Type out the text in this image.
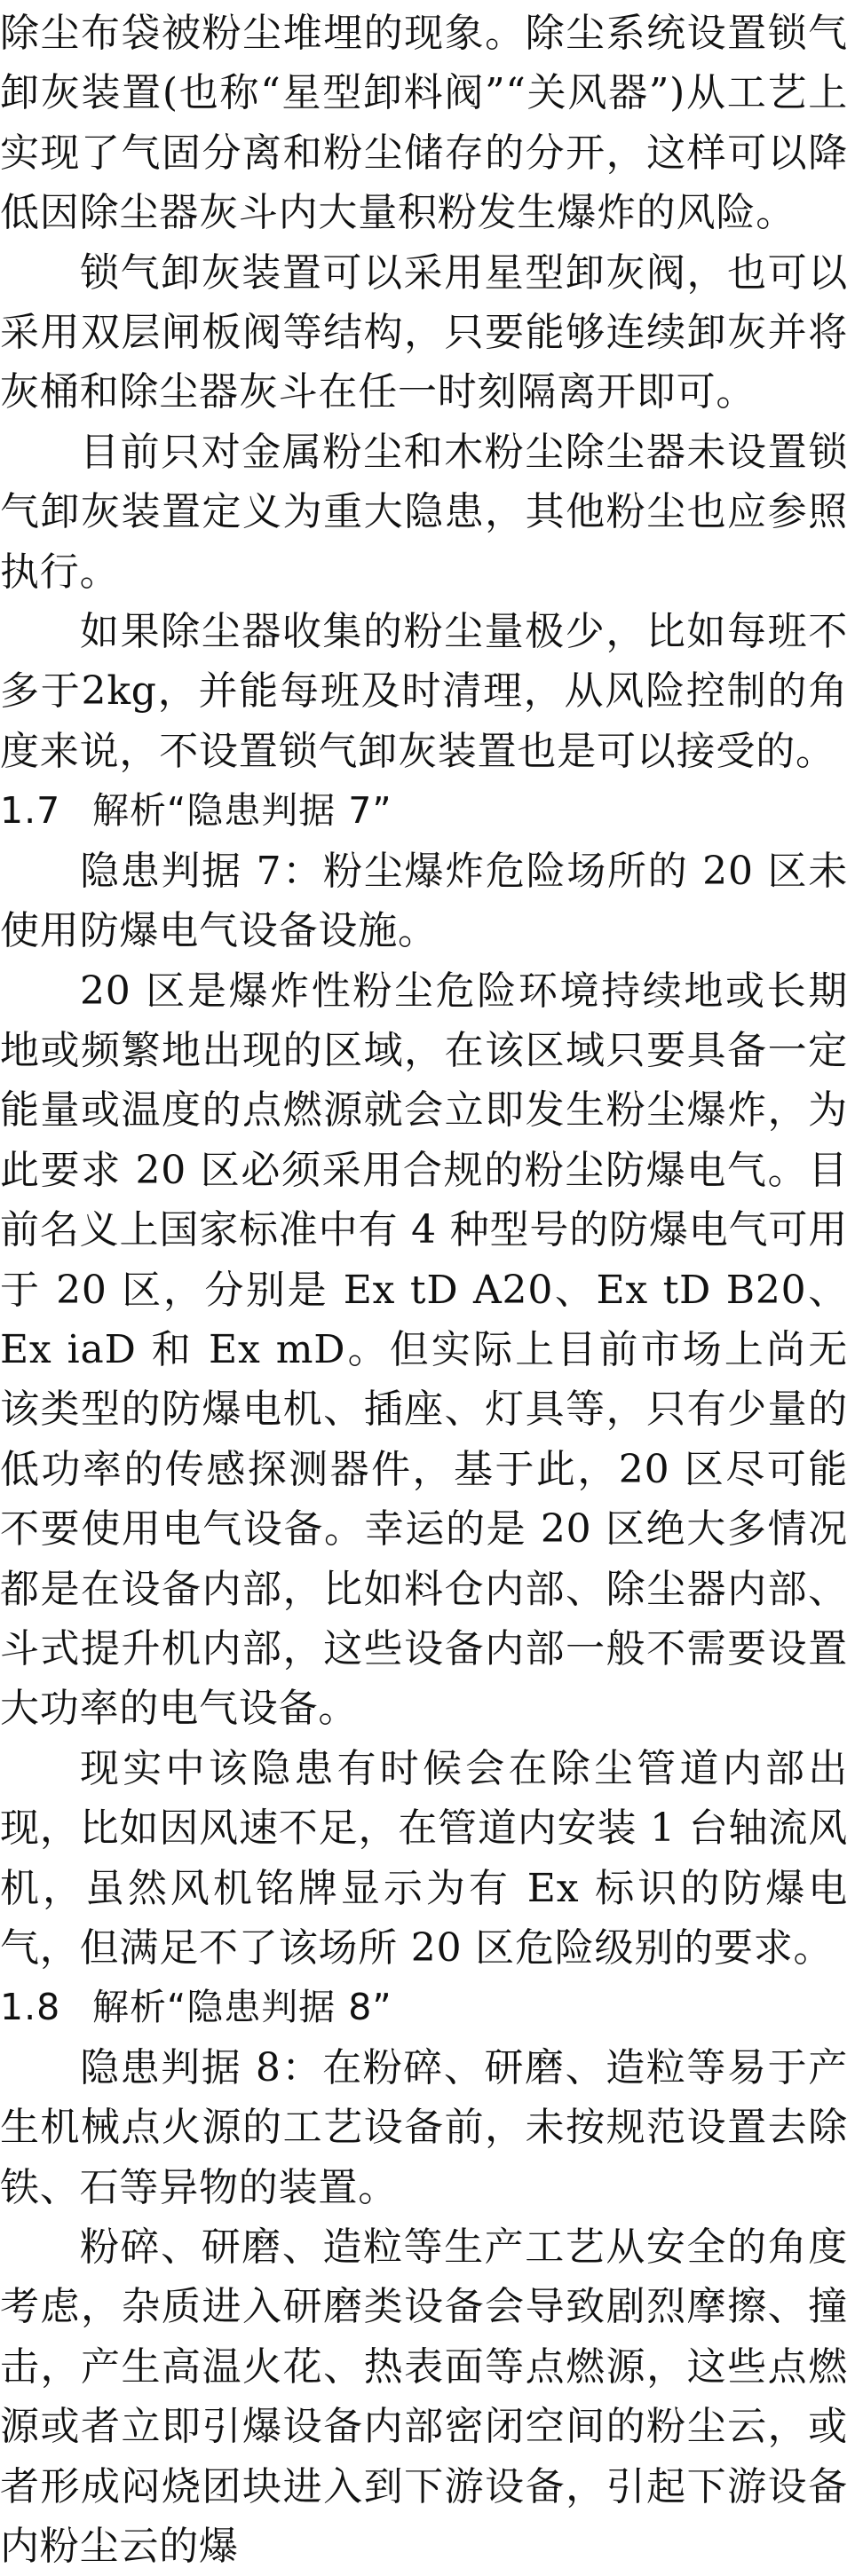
除尘布袋被粉尘堆埋的现象。除尘系统设置锁气卸灰装置(也称“星型卸料阀”“关风器”)从工艺上实现了气固分离和粉尘储存的分开，这样可以降低因除尘器灰斗内大量积粉发生爆炸的风险。

锁气卸灰装置可以采用星型卸灰阀，也可以采用双层闸板阀等结构，只要能够连续卸灰并将灰桶和除尘器灰斗在任一时刻隔离开即可。

目前只对金属粉尘和木粉尘除尘器未设置锁气卸灰装置定义为重大隐患，其他粉尘也应参照执行。

如果除尘器收集的粉尘量极少，比如每班不多于2kg，并能每班及时清理，从风险控制的角度来说，不设置锁气卸灰装置也是可以接受的。

1.7 解析“隐患判据 7”

隐患判据 7：粉尘爆炸危险场所的 20 区未使用防爆电气设备设施。

20 区是爆炸性粉尘危险环境持续地或长期地或频繁地出现的区域，在该区域只要具备一定能量或温度的点燃源就会立即发生粉尘爆炸，为此要求 20 区必须采用合规的粉尘防爆电气。目前名义上国家标准中有 4 种型号的防爆电气可用于 20 区，分别是 Ex tD A20、Ex tD B20、Ex iaD 和 Ex mD。但实际上目前市场上尚无该类型的防爆电机、插座、灯具等，只有少量的低功率的传感探测器件，基于此，20 区尽可能不要使用电气设备。幸运的是 20 区绝大多情况都是在设备内部，比如料仓内部、除尘器内部、斗式提升机内部，这些设备内部一般不需要设置大功率的电气设备。

现实中该隐患有时候会在除尘管道内部出现，比如因风速不足，在管道内安装 1 台轴流风机，虽然风机铭牌显示为有 Ex 标识的防爆电气，但满足不了该场所 20 区危险级别的要求。

1.8 解析“隐患判据 8”

隐患判据 8：在粉碎、研磨、造粒等易于产生机械点火源的工艺设备前，未按规范设置去除铁、石等异物的装置。

粉碎、研磨、造粒等生产工艺从安全的角度考虑，杂质进入研磨类设备会导致剧烈摩擦、撞击，产生高温火花、热表面等点燃源，这些点燃源或者立即引爆设备内部密闭空间的粉尘云，或者形成闷烧团块进入到下游设备，引起下游设备内粉尘云的爆
